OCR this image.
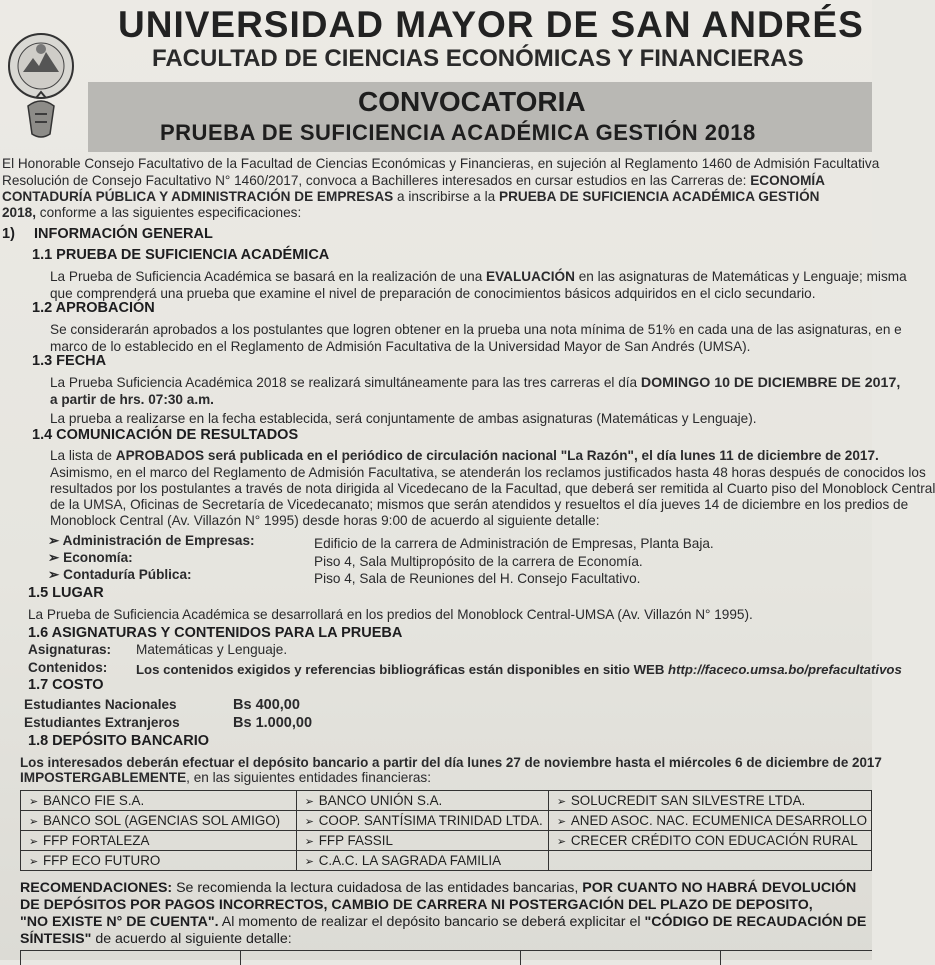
UNIVERSIDAD MAYOR DE SAN ANDRÉS
FACULTAD DE CIENCIAS ECONÓMICAS Y FINANCIERAS
CONVOCATORIA
PRUEBA DE SUFICIENCIA ACADÉMICA GESTIÓN 2018
El Honorable Consejo Facultativo de la Facultad de Ciencias Económicas y Financieras, en sujeción al Reglamento 1460 de Admisión Facultativa
Resolución de Consejo Facultativo N° 1460/2017, convoca a Bachilleres interesados en cursar estudios en las Carreras de: ECONOMÍA
CONTADURÍA PÚBLICA Y ADMINISTRACIÓN DE EMPRESAS a inscribirse a la PRUEBA DE SUFICIENCIA ACADÉMICA GESTIÓN
2018, conforme a las siguientes especificaciones:
1) INFORMACIÓN GENERAL
1.1 PRUEBA DE SUFICIENCIA ACADÉMICA
La Prueba de Suficiencia Académica se basará en la realización de una EVALUACIÓN en las asignaturas de Matemáticas y Lenguaje; misma
que comprenderá una prueba que examine el nivel de preparación de conocimientos básicos adquiridos en el ciclo secundario.
1.2 APROBACIÓN
Se considerarán aprobados a los postulantes que logren obtener en la prueba una nota mínima de 51% en cada una de las asignaturas, en e
marco de lo establecido en el Reglamento de Admisión Facultativa de la Universidad Mayor de San Andrés (UMSA).
1.3 FECHA
La Prueba Suficiencia Académica 2018 se realizará simultáneamente para las tres carreras el día DOMINGO 10 DE DICIEMBRE DE 2017,
a partir de hrs. 07:30 a.m.
La prueba a realizarse en la fecha establecida, será conjuntamente de ambas asignaturas (Matemáticas y Lenguaje).
1.4 COMUNICACIÓN DE RESULTADOS
La lista de APROBADOS será publicada en el periódico de circulación nacional "La Razón", el día lunes 11 de diciembre de 2017.
Asimismo, en el marco del Reglamento de Admisión Facultativa, se atenderán los reclamos justificados hasta 48 horas después de conocidos los
resultados por los postulantes a través de nota dirigida al Vicedecano de la Facultad, que deberá ser remitida al Cuarto piso del Monoblock Central
de la UMSA, Oficinas de Secretaría de Vicedecanato; mismos que serán atendidos y resueltos el día jueves 14 de diciembre en los predios de
Monoblock Central (Av. Villazón N° 1995) desde horas 9:00 de acuerdo al siguiente detalle:
➢ Administración de Empresas:	Edificio de la carrera de Administración de Empresas, Planta Baja.
➢ Economía:	Piso 4, Sala Multipropósito de la carrera de Economía.
➢ Contaduría Pública:	Piso 4, Sala de Reuniones del H. Consejo Facultativo.
1.5 LUGAR
La Prueba de Suficiencia Académica se desarrollará en los predios del Monoblock Central-UMSA (Av. Villazón N° 1995).
1.6 ASIGNATURAS Y CONTENIDOS PARA LA PRUEBA
Asignaturas: Matemáticas y Lenguaje.
Contenidos: Los contenidos exigidos y referencias bibliográficas están disponibles en sitio WEB http://faceco.umsa.bo/prefacultativos
1.7 COSTO
Estudiantes Nacionales	Bs 400,00
Estudiantes Extranjeros	Bs 1.000,00
1.8 DEPÓSITO BANCARIO
Los interesados deberán efectuar el depósito bancario a partir del día lunes 27 de noviembre hasta el miércoles 6 de diciembre de 2017
IMPOSTERGABLEMENTE, en las siguientes entidades financieras:
➢ BANCO FIE S.A.	➢ BANCO UNIÓN S.A.	➢ SOLUCREDIT SAN SILVESTRE LTDA.
➢ BANCO SOL (AGENCIAS SOL AMIGO)	➢ COOP. SANTÍSIMA TRINIDAD LTDA.	➢ ANED ASOC. NAC. ECUMENICA DESARROLLO
➢ FFP FORTALEZA	➢ FFP FASSIL	➢ CRECER CRÉDITO CON EDUCACIÓN RURAL
➢ FFP ECO FUTURO	➢ C.A.C. LA SAGRADA FAMILIA	
RECOMENDACIONES: Se recomienda la lectura cuidadosa de las entidades bancarias, POR CUANTO NO HABRÁ DEVOLUCIÓN
DE DEPÓSITOS POR PAGOS INCORRECTOS, CAMBIO DE CARRERA NI POSTERGACIÓN DEL PLAZO DE DEPOSITO,
"NO EXISTE N° DE CUENTA". Al momento de realizar el depósito bancario se deberá explicitar el "CÓDIGO DE RECAUDACIÓN DE
SÍNTESIS" de acuerdo al siguiente detalle:
